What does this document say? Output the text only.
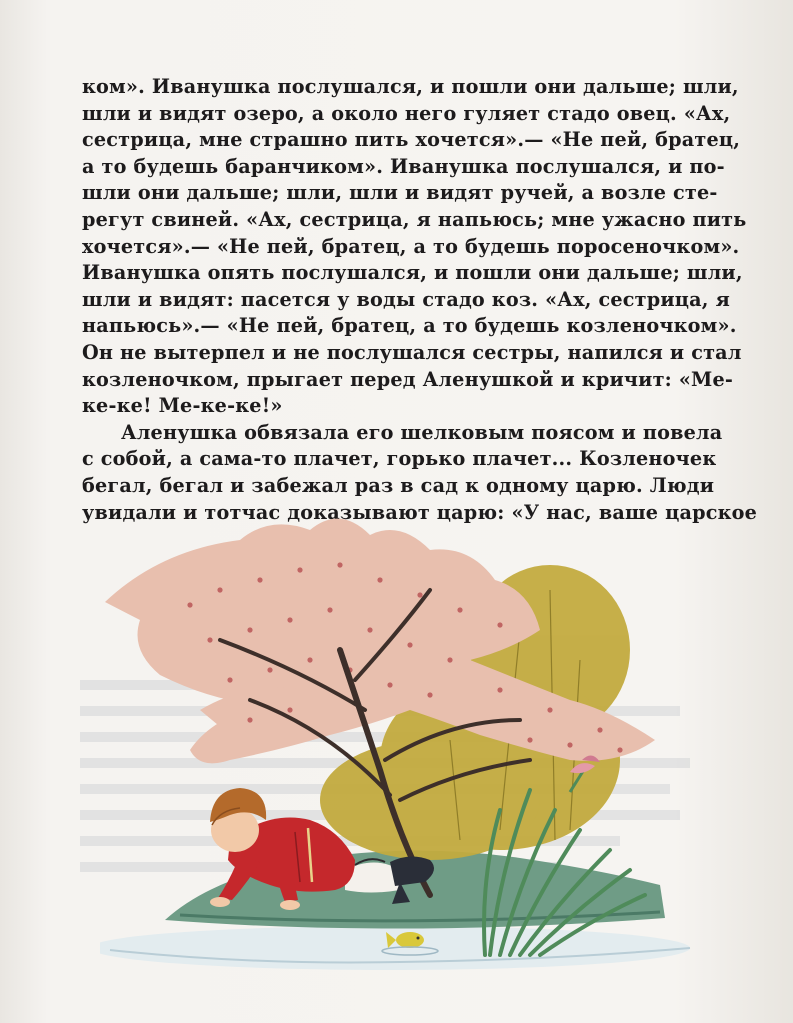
ком». Иванушка послушался, и пошли они дальше; шли,
шли и видят озеро, а около него гуляет стадо овец. «Ах,
сестрица, мне страшно пить хочется».— «Не пей, братец,
а то будешь баранчиком». Иванушка послушался, и по-
шли они дальше; шли, шли и видят ручей, а возле сте-
регут свиней. «Ах, сестрица, я напьюсь; мне ужасно пить
хочется».— «Не пей, братец, а то будешь поросеночком».
Иванушка опять послушался, и пошли они дальше; шли,
шли и видят: пасется у воды стадо коз. «Ах, сестрица, я
напьюсь».— «Не пей, братец, а то будешь козленочком».
Он не вытерпел и не послушался сестры, напился и стал
козленочком, прыгает перед Аленушкой и кричит: «Ме-
ке-ке! Ме-ке-ке!»
Аленушка обвязала его шелковым поясом и повела
с собой, а сама-то плачет, горько плачет... Козленочек
бегал, бегал и забежал раз в сад к одному царю. Люди
увидали и тотчас доказывают царю: «У нас, ваше царское
